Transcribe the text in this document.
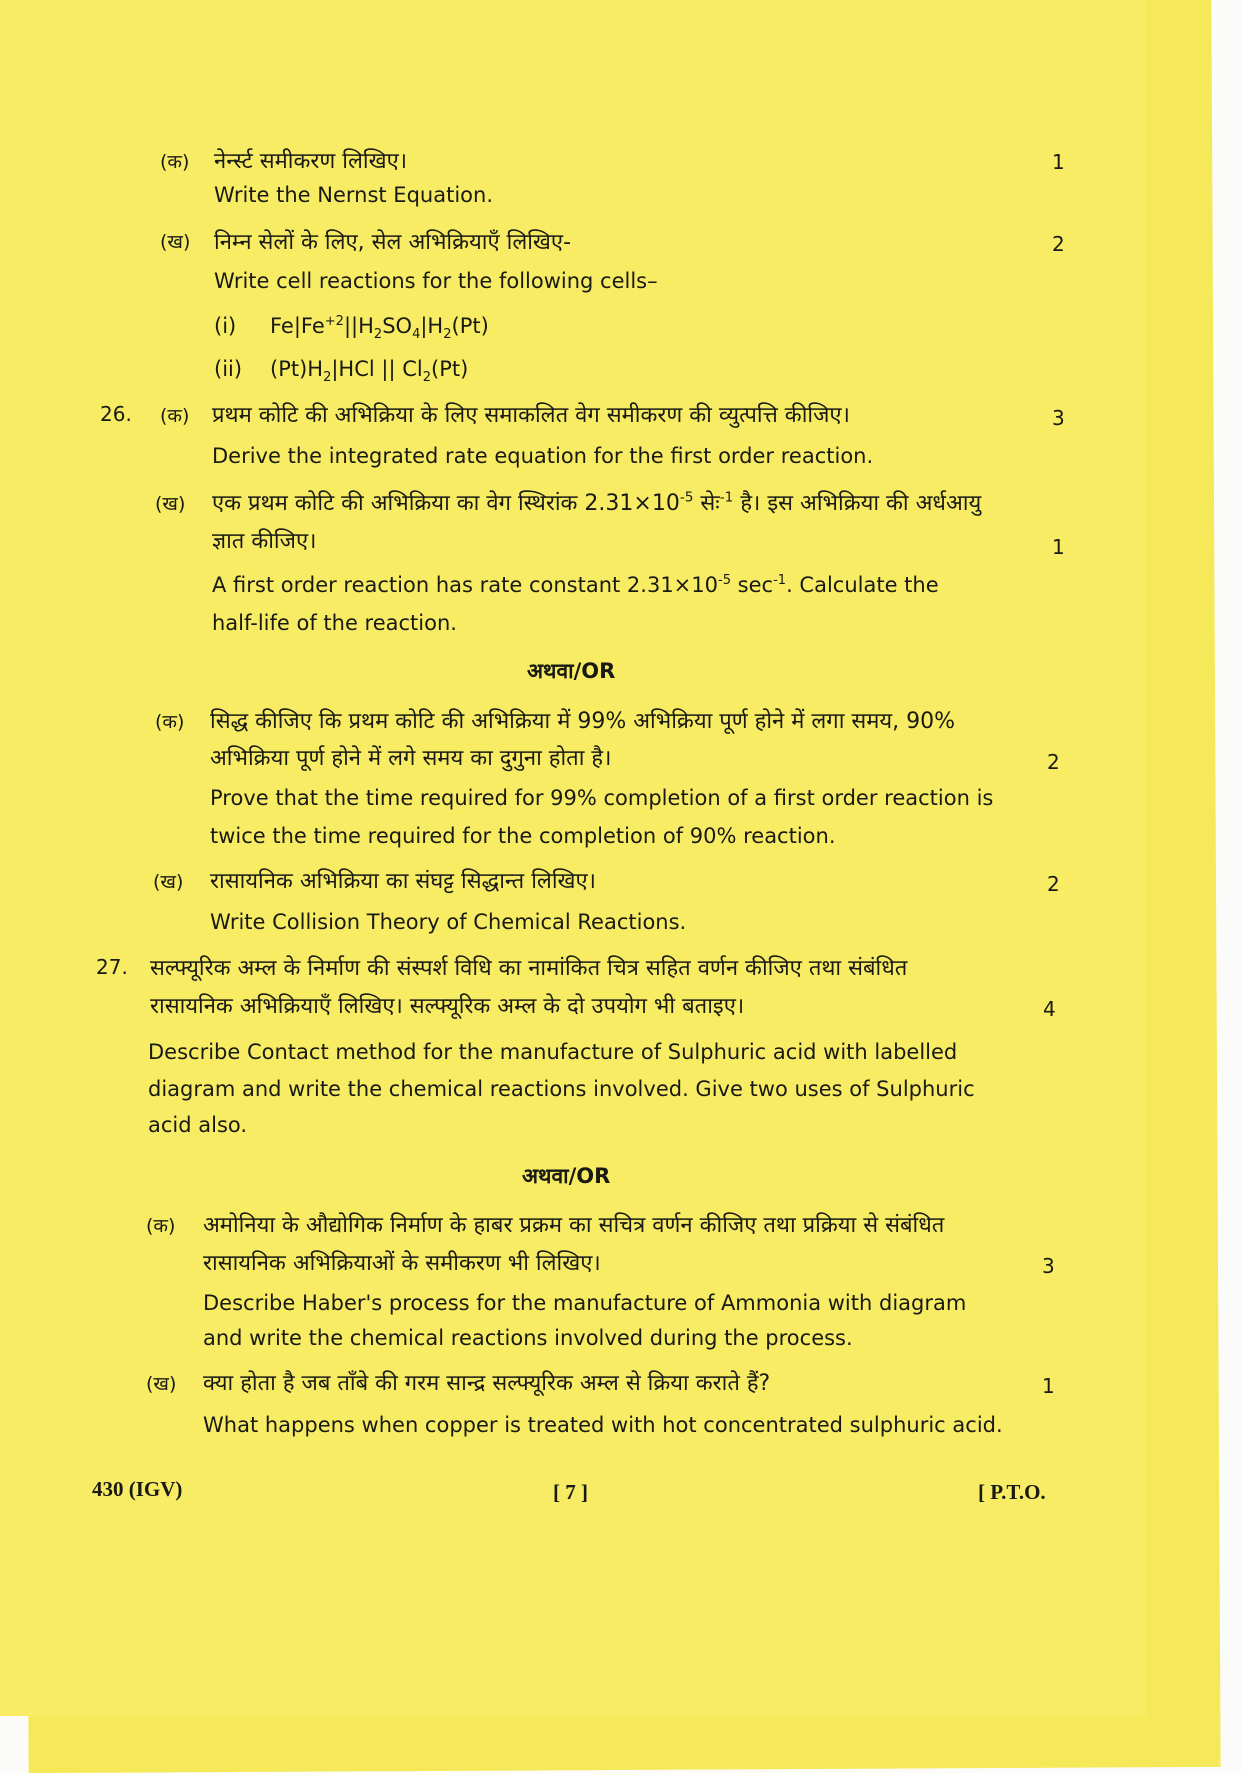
(क) नेर्न्स्ट समीकरण लिखिए।	1
Write the Nernst Equation.
(ख) निम्न सेलों के लिए, सेल अभिक्रियाएँ लिखिए-	2
Write cell reactions for the following cells–
(i) $Fe|Fe^{+2}||H_2SO_4|H_2(Pt)$
(ii) $(Pt)H_2|HCl$ || $Cl_2(Pt)$
26. (क) प्रथम कोटि की अभिक्रिया के लिए समाकलित वेग समीकरण की व्युत्पत्ति कीजिए।	3
Derive the integrated rate equation for the first order reaction.
(ख) एक प्रथम कोटि की अभिक्रिया का वेग स्थिरांक $2.31\times 10^{-5}$ सेः$^{-1}$ है। इस अभिक्रिया की अर्धआयु
ज्ञात कीजिए।	1
A first order reaction has rate constant $2.31\times 10^{-5}$ $\sec^{-1}$. Calculate the
half-life of the reaction.
अथवा/OR
(क) सिद्ध कीजिए कि प्रथम कोटि की अभिक्रिया में 99% अभिक्रिया पूर्ण होने में लगा समय, 90%
अभिक्रिया पूर्ण होने में लगे समय का दुगुना होता है।	2
Prove that the time required for 99% completion of a first order reaction is
twice the time required for the completion of 90% reaction.
(ख) रासायनिक अभिक्रिया का संघट्ट सिद्धान्त लिखिए।	2
Write Collision Theory of Chemical Reactions.
27. सल्फ्यूरिक अम्ल के निर्माण की संस्पर्श विधि का नामांकित चित्र सहित वर्णन कीजिए तथा संबंधित
रासायनिक अभिक्रियाएँ लिखिए। सल्फ्यूरिक अम्ल के दो उपयोग भी बताइए।	4
Describe Contact method for the manufacture of Sulphuric acid with labelled
diagram and write the chemical reactions involved. Give two uses of Sulphuric
acid also.
अथवा/OR
(क) अमोनिया के औद्योगिक निर्माण के हाबर प्रक्रम का सचित्र वर्णन कीजिए तथा प्रक्रिया से संबंधित
रासायनिक अभिक्रियाओं के समीकरण भी लिखिए।	3
Describe Haber's process for the manufacture of Ammonia with diagram
and write the chemical reactions involved during the process.
(ख) क्या होता है जब ताँबे की गरम सान्द्र सल्फ्यूरिक अम्ल से क्रिया कराते हैं?	1
What happens when copper is treated with hot concentrated sulphuric acid.
430 (IGV)	[ 7 ]	[ P.T.O.
